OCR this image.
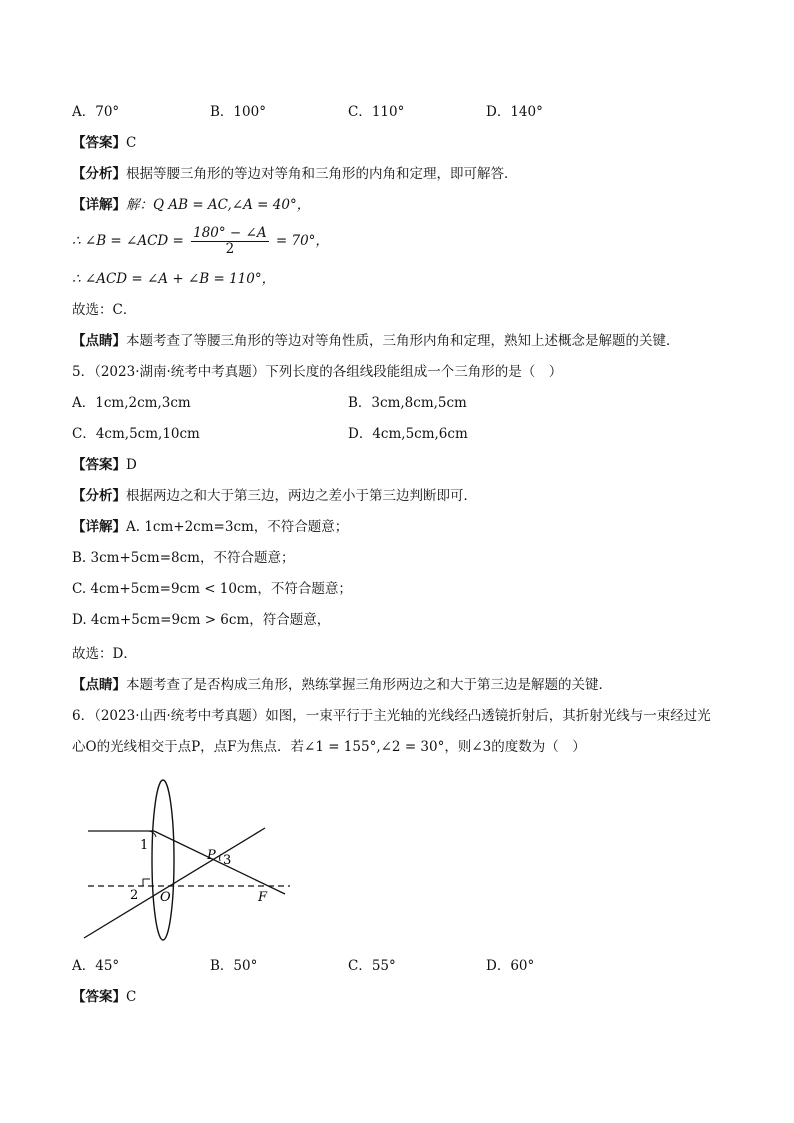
A．70°	B．100°	C．110°	D．140°
【答案】C
【分析】根据等腰三角形的等边对等角和三角形的内角和定理，即可解答．
【详解】解：Q AB = AC,∠A = 40°，
∴ ∠B = ∠ACD = $\frac{180^\circ - \angle A}{2} = 70^\circ$，
∴ ∠ACD = ∠A + ∠B = 110°，
故选：C．
【点睛】本题考查了等腰三角形的等边对等角性质，三角形内角和定理，熟知上述概念是解题的关键．
5．（2023·湖南·统考中考真题）下列长度的各组线段能组成一个三角形的是（　）
A．1cm,2cm,3cm	B．3cm,8cm,5cm
C．4cm,5cm,10cm	D．4cm,5cm,6cm
【答案】D
【分析】根据两边之和大于第三边，两边之差小于第三边判断即可．
【详解】A. 1cm+2cm=3cm，不符合题意；
B. 3cm+5cm=8cm，不符合题意；
C. 4cm+5cm=9cm < 10cm，不符合题意；
D. 4cm+5cm=9cm > 6cm，符合题意，
故选：D．
【点睛】本题考查了是否构成三角形，熟练掌握三角形两边之和大于第三边是解题的关键．
6．（2023·山西·统考中考真题）如图，一束平行于主光轴的光线经凸透镜折射后，其折射光线与一束经过光
心O的光线相交于点P，点F为焦点．若∠1 = 155°,∠2 = 30°，则∠3的度数为（　）
1
2
3
P
O	F
A．45°	B．50°	C．55°	D．60°
【答案】C
